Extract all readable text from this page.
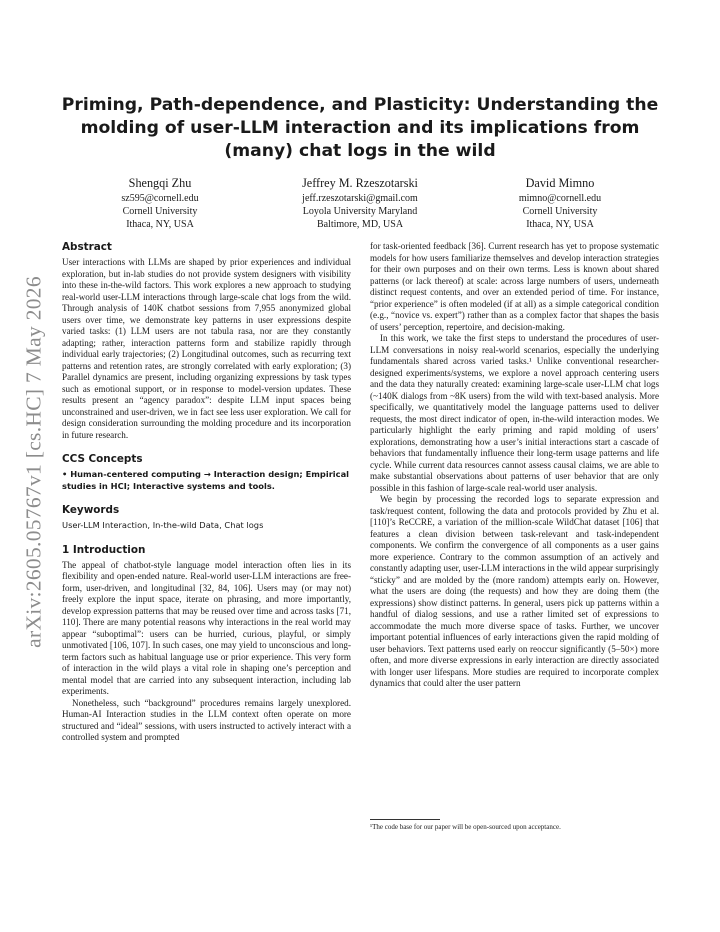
arXiv:2605.05767v1 [cs.HC] 7 May 2026
Priming, Path-dependence, and Plasticity: Understanding the molding of user-LLM interaction and its implications from (many) chat logs in the wild
Shengqi Zhu
sz595@cornell.edu
Cornell University
Ithaca, NY, USA
Jeffrey M. Rzeszotarski
jeff.rzeszotarski@gmail.com
Loyola University Maryland
Baltimore, MD, USA
David Mimno
mimno@cornell.edu
Cornell University
Ithaca, NY, USA
Abstract

User interactions with LLMs are shaped by prior experiences and individual exploration, but in-lab studies do not provide system designers with visibility into these in-the-wild factors. This work explores a new approach to studying real-world user-LLM interactions through large-scale chat logs from the wild. Through analysis of 140K chatbot sessions from 7,955 anonymized global users over time, we demonstrate key patterns in user expressions despite varied tasks: (1) LLM users are not tabula rasa, nor are they constantly adapting; rather, interaction patterns form and stabilize rapidly through individual early trajectories; (2) Longitudinal outcomes, such as recurring text patterns and retention rates, are strongly correlated with early exploration; (3) Parallel dynamics are present, including organizing expressions by task types such as emotional support, or in response to model-version updates. These results present an “agency paradox”: despite LLM input spaces being unconstrained and user-driven, we in fact see less user exploration. We call for design consideration surrounding the molding procedure and its incorporation in future research.

CCS Concepts

• Human-centered computing → Interaction design; Empirical studies in HCI; Interactive systems and tools.

Keywords

User-LLM Interaction, In-the-wild Data, Chat logs

1 Introduction

The appeal of chatbot-style language model interaction often lies in its flexibility and open-ended nature. Real-world user-LLM interactions are free-form, user-driven, and longitudinal [32, 84, 106]. Users may (or may not) freely explore the input space, iterate on phrasing, and more importantly, develop expression patterns that may be reused over time and across tasks [71, 110]. There are many potential reasons why interactions in the real world may appear “suboptimal”: users can be hurried, curious, playful, or simply unmotivated [106, 107]. In such cases, one may yield to unconscious and long-term factors such as habitual language use or prior experience. This very form of interaction in the wild plays a vital role in shaping one’s perception and mental model that are carried into any subsequent interaction, including lab experiments.

Nonetheless, such “background” procedures remains largely unexplored. Human-AI Interaction studies in the LLM context often operate on more structured and “ideal” sessions, with users instructed to actively interact with a controlled system and prompted

for task-oriented feedback [36]. Current research has yet to propose systematic models for how users familiarize themselves and develop interaction strategies for their own purposes and on their own terms. Less is known about shared patterns (or lack thereof) at scale: across large numbers of users, underneath distinct request contents, and over an extended period of time. For instance, “prior experience” is often modeled (if at all) as a simple categorical condition (e.g., “novice vs. expert”) rather than as a complex factor that shapes the basis of users’ perception, repertoire, and decision-making.

In this work, we take the first steps to understand the procedures of user-LLM conversations in noisy real-world scenarios, especially the underlying fundamentals shared across varied tasks.¹ Unlike conventional researcher-designed experiments/systems, we explore a novel approach centering users and the data they naturally created: examining large-scale user-LLM chat logs (~140K dialogs from ~8K users) from the wild with text-based analysis. More specifically, we quantitatively model the language patterns used to deliver requests, the most direct indicator of open, in-the-wild interaction modes. We particularly highlight the early priming and rapid molding of users’ explorations, demonstrating how a user’s initial interactions start a cascade of behaviors that fundamentally influence their long-term usage patterns and life cycle. While current data resources cannot assess causal claims, we are able to make substantial observations about patterns of user behavior that are only possible in this fashion of large-scale real-world user analysis.

We begin by processing the recorded logs to separate expression and task/request content, following the data and protocols provided by Zhu et al. [110]’s ReCCRE, a variation of the million-scale WildChat dataset [106] that features a clean division between task-relevant and task-independent components. We confirm the convergence of all components as a user gains more experience. Contrary to the common assumption of an actively and constantly adapting user, user-LLM interactions in the wild appear surprisingly “sticky” and are molded by the (more random) attempts early on. However, what the users are doing (the requests) and how they are doing them (the expressions) show distinct patterns. In general, users pick up patterns within a handful of dialog sessions, and use a rather limited set of expressions to accommodate the much more diverse space of tasks. Further, we uncover important potential influences of early interactions given the rapid molding of user behaviors. Text patterns used early on reoccur significantly (5–50×) more often, and more diverse expressions in early interaction are directly associated with longer user lifespans. More studies are required to incorporate complex dynamics that could alter the user pattern

¹The code base for our paper will be open-sourced upon acceptance.
